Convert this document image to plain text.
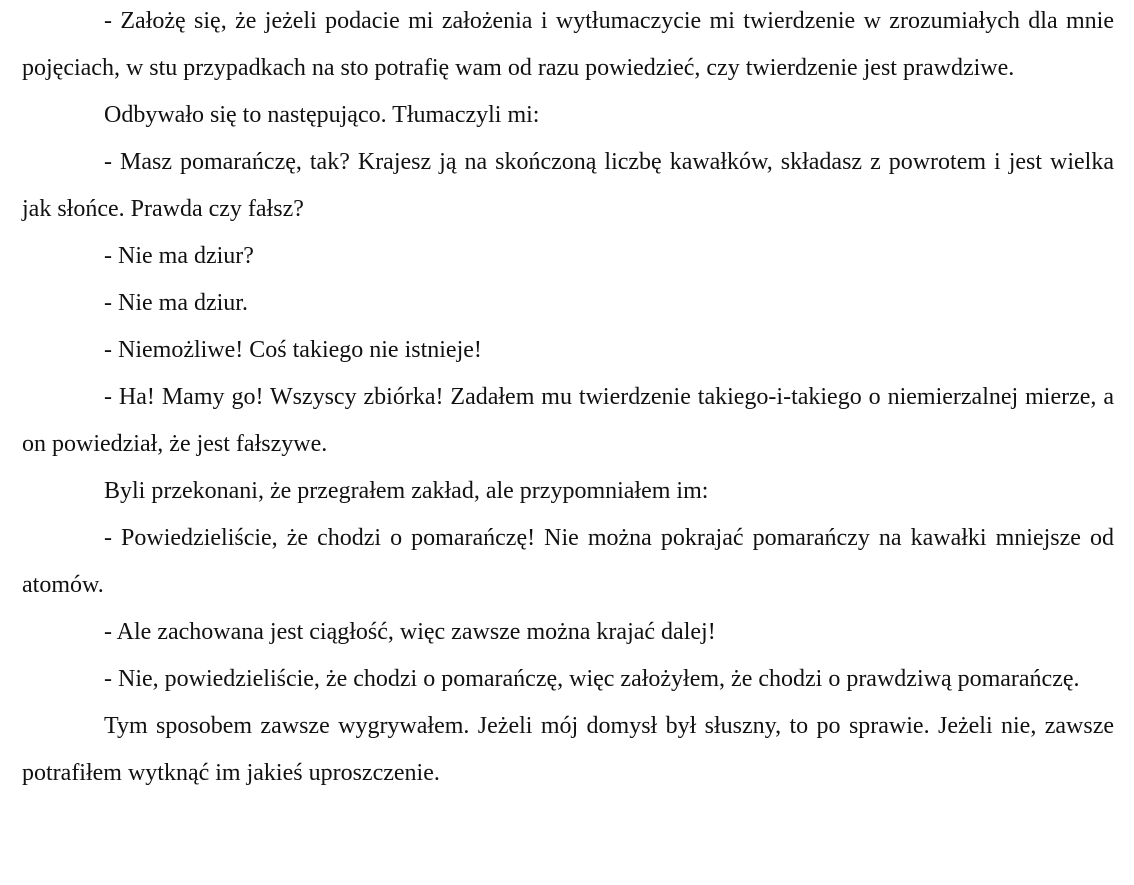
- Założę się, że jeżeli podacie mi założenia i wytłumaczycie mi twierdzenie w zrozumiałych dla mnie pojęciach, w stu przypadkach na sto potrafię wam od razu powiedzieć, czy twierdzenie jest prawdziwe.

Odbywało się to następująco. Tłumaczyli mi:

- Masz pomarańczę, tak? Krajesz ją na skończoną liczbę kawałków, składasz z powrotem i jest wielka jak słońce. Prawda czy fałsz?

- Nie ma dziur?

- Nie ma dziur.

- Niemożliwe! Coś takiego nie istnieje!

- Ha! Mamy go! Wszyscy zbiórka! Zadałem mu twierdzenie takiego-i-takiego o niemierzalnej mierze, a on powiedział, że jest fałszywe.

Byli przekonani, że przegrałem zakład, ale przypomniałem im:

- Powiedzieliście, że chodzi o pomarańczę! Nie można pokrajać pomarańczy na kawałki mniejsze od atomów.

- Ale zachowana jest ciągłość, więc zawsze można krajać dalej!

- Nie, powiedzieliście, że chodzi o pomarańczę, więc założyłem, że chodzi o prawdziwą pomarańczę.

Tym sposobem zawsze wygrywałem. Jeżeli mój domysł był słuszny, to po sprawie. Jeżeli nie, zawsze potrafiłem wytknąć im jakieś uproszczenie.
